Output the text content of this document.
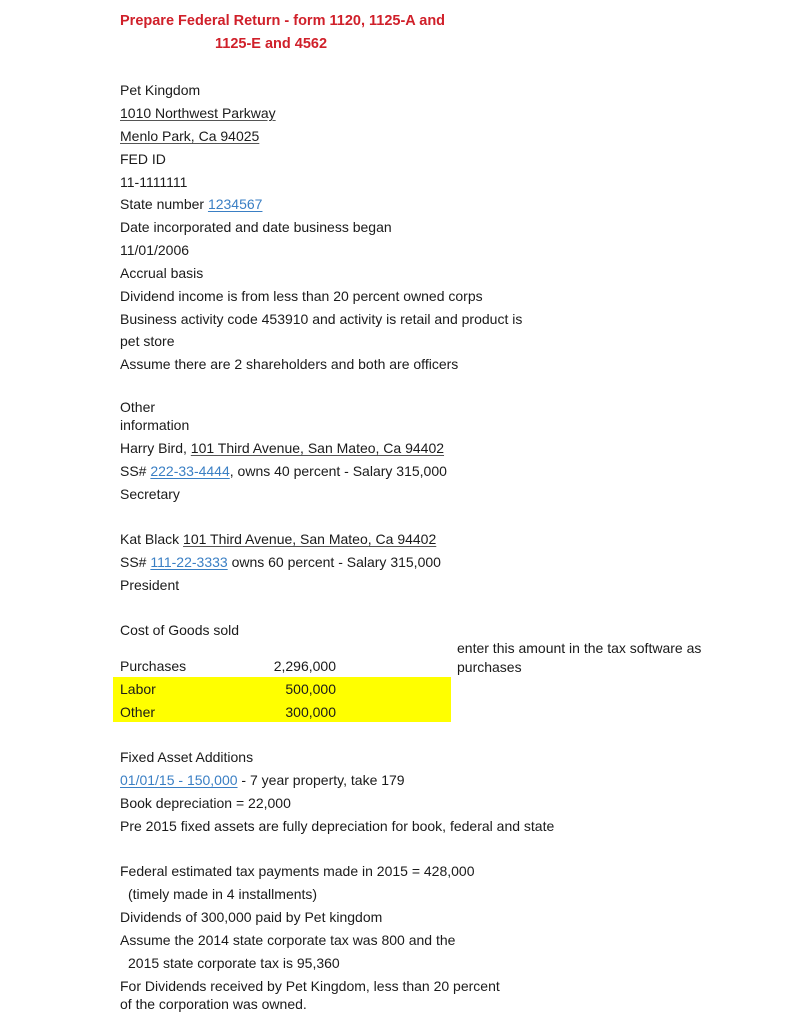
Prepare Federal Return - form 1120, 1125-A and
1125-E and 4562
Pet Kingdom
1010 Northwest Parkway
Menlo Park, Ca 94025
FED ID
11-1111111
State number 1234567
Date incorporated and date business began
11/01/2006
Accrual basis
Dividend income is from less than 20 percent owned corps
Business activity code 453910 and activity is retail and product is
pet store
Assume there are 2 shareholders and both are officers
Other
information
Harry Bird, 101 Third Avenue, San Mateo, Ca 94402
SS# 222-33-4444, owns 40 percent - Salary 315,000
Secretary
Kat Black 101 Third Avenue, San Mateo, Ca 94402
SS# 111-22-3333 owns 60 percent - Salary 315,000
President
Cost of Goods sold
enter this amount in the tax software as
purchases
Purchases	2,296,000
Labor	500,000
Other	300,000
Fixed Asset Additions
01/01/15 - 150,000 - 7 year property, take 179
Book depreciation = 22,000
Pre 2015 fixed assets are fully depreciation for book, federal and state
Federal estimated tax payments made in 2015 = 428,000
(timely made in 4 installments)
Dividends of 300,000 paid by Pet kingdom
Assume the 2014 state corporate tax was 800 and the
2015 state corporate tax is 95,360
For Dividends received by Pet Kingdom, less than 20 percent
of the corporation was owned.
